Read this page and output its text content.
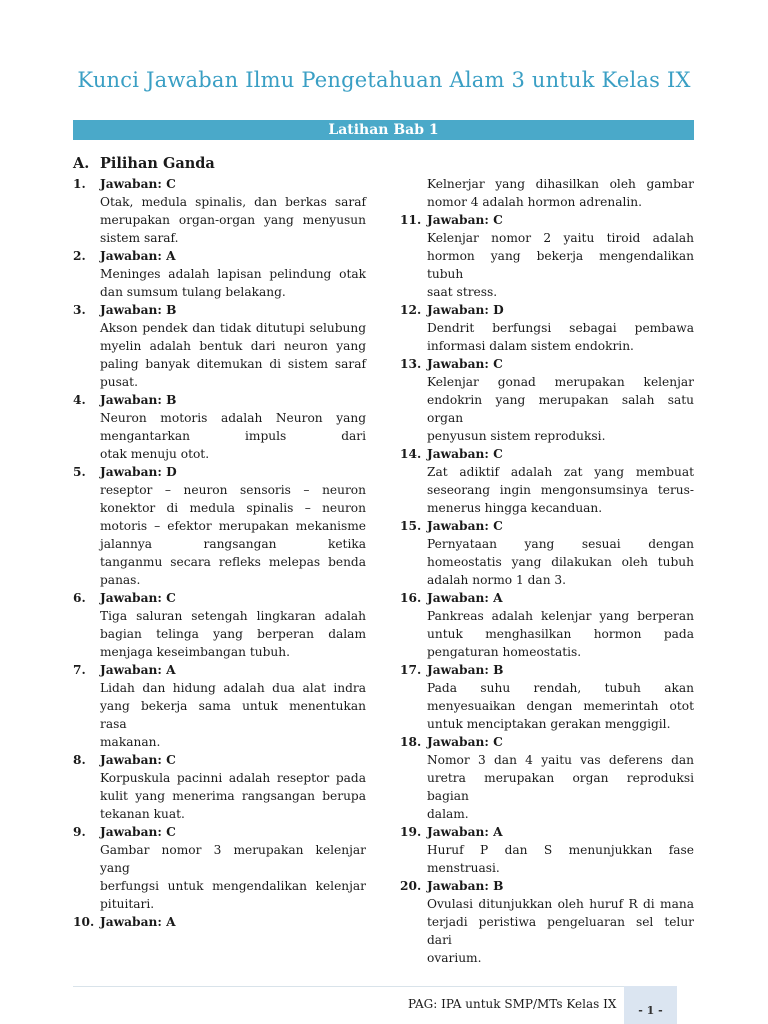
Kunci Jawaban Ilmu Pengetahuan Alam 3 untuk Kelas IX
Latihan Bab 1
A. Pilihan Ganda
1.	Jawaban: C
Otak, medula spinalis, dan berkas saraf
merupakan organ-organ yang menyusun
sistem saraf.
2.	Jawaban: A
Meninges adalah lapisan pelindung otak
dan sumsum tulang belakang.
3.	Jawaban: B
Akson pendek dan tidak ditutupi selubung
myelin adalah bentuk dari neuron yang
paling banyak ditemukan di sistem saraf
pusat.
4.	Jawaban: B
Neuron motoris adalah Neuron yang
mengantarkan impuls dari
otak menuju otot.
5.	Jawaban: D
reseptor – neuron sensoris – neuron
konektor di medula spinalis – neuron
motoris – efektor merupakan mekanisme
jalannya rangsangan ketika
tanganmu secara refleks melepas benda
panas.
6.	Jawaban: C
Tiga saluran setengah lingkaran adalah
bagian telinga yang berperan dalam
menjaga keseimbangan tubuh.
7.	Jawaban: A
Lidah dan hidung adalah dua alat indra
yang bekerja sama untuk menentukan rasa
makanan.
8.	Jawaban: C
Korpuskula pacinni adalah reseptor pada
kulit yang menerima rangsangan berupa
tekanan kuat.
9.	Jawaban: C
Gambar nomor 3 merupakan kelenjar yang
berfungsi untuk mengendalikan kelenjar
pituitari.
10. Jawaban: A
Kelnerjar yang dihasilkan oleh gambar
nomor 4 adalah hormon adrenalin.
11. Jawaban: C
Kelenjar nomor 2 yaitu tiroid adalah
hormon yang bekerja mengendalikan tubuh
saat stress.
12. Jawaban: D
Dendrit berfungsi sebagai pembawa
informasi dalam sistem endokrin.
13. Jawaban: C
Kelenjar gonad merupakan kelenjar
endokrin yang merupakan salah satu organ
penyusun sistem reproduksi.
14. Jawaban: C
Zat adiktif adalah zat yang membuat
seseorang ingin mengonsumsinya terus-
menerus hingga kecanduan.
15. Jawaban: C
Pernyataan yang sesuai dengan
homeostatis yang dilakukan oleh tubuh
adalah normo 1 dan 3.
16. Jawaban: A
Pankreas adalah kelenjar yang berperan
untuk menghasilkan hormon pada
pengaturan homeostatis.
17. Jawaban: B
Pada suhu rendah, tubuh akan
menyesuaikan dengan memerintah otot
untuk menciptakan gerakan menggigil.
18. Jawaban: C
Nomor 3 dan 4 yaitu vas deferens dan
uretra merupakan organ reproduksi bagian
dalam.
19. Jawaban: A
Huruf P dan S menunjukkan fase
menstruasi.
20. Jawaban: B
Ovulasi ditunjukkan oleh huruf R di mana
terjadi peristiwa pengeluaran sel telur dari
ovarium.
PAG: IPA untuk SMP/MTs Kelas IX	- 1 -
